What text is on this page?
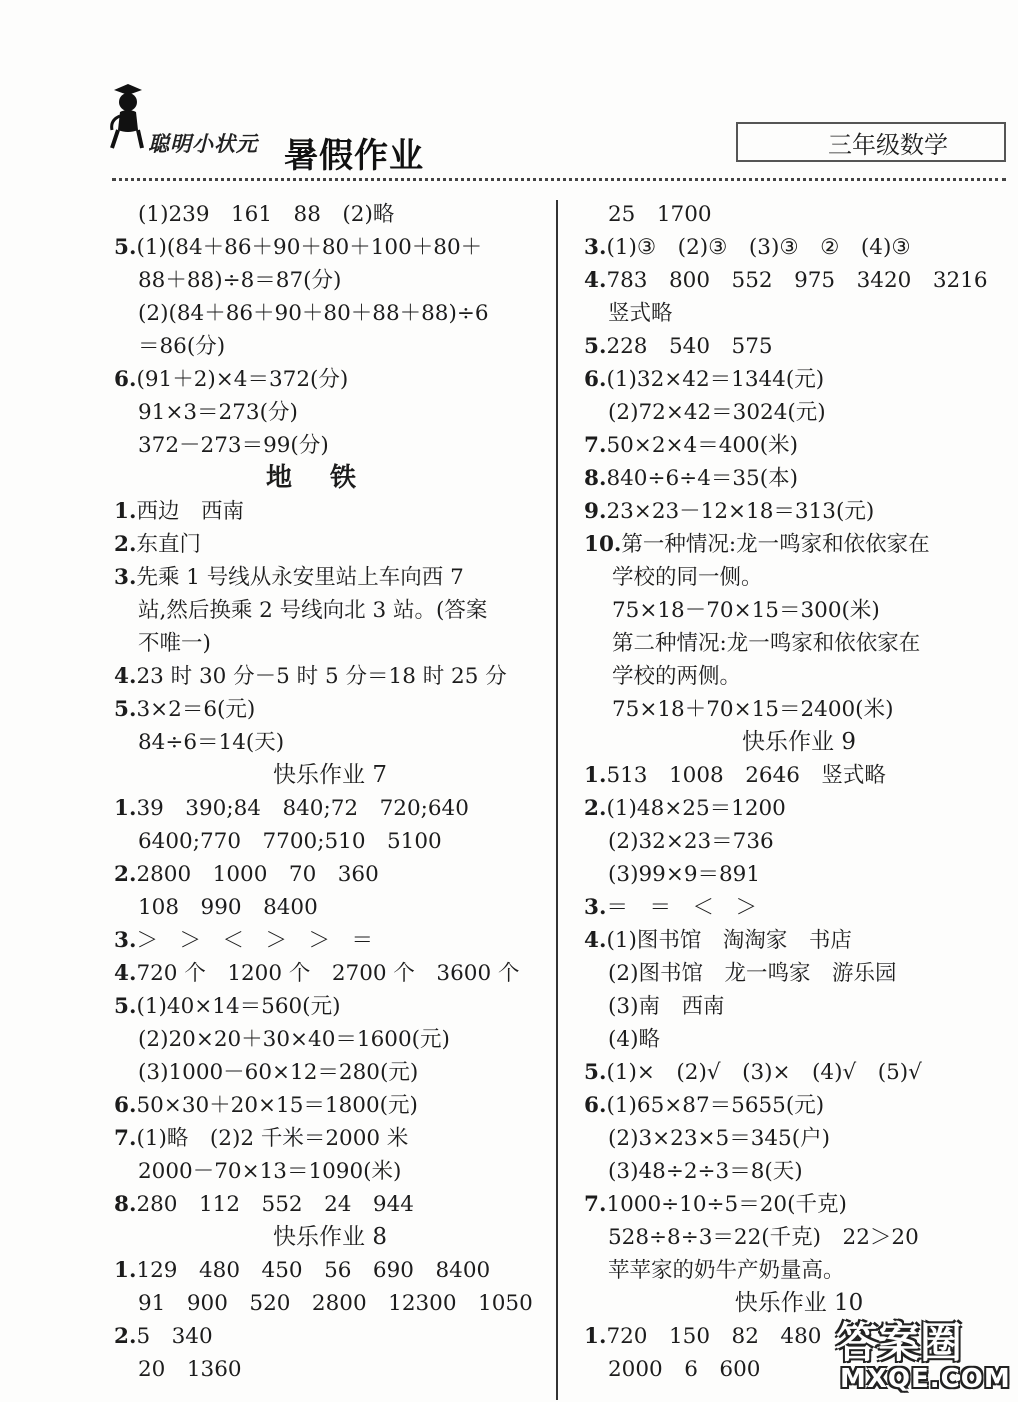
聪明小状元 暑假作业	三年级数学
(1)239　161　88　(2)略
5.(1)(84＋86＋90＋80＋100＋80＋
88＋88)÷8＝87(分)
(2)(84＋86＋90＋80＋88＋88)÷6
＝86(分)
6.(91＋2)×4＝372(分)
91×3＝273(分)
372－273＝99(分)
地铁
1.西边　西南
2.东直门
3.先乘 1 号线从永安里站上车向西 7
站,然后换乘 2 号线向北 3 站。(答案
不唯一)
4.23 时 30 分－5 时 5 分＝18 时 25 分
5.3×2＝6(元)
84÷6＝14(天)
快乐作业 7
1.39　390;84　840;72　720;640
6400;770　7700;510　5100
2.2800　1000　70　360
108　990　8400
3.＞　＞　＜　＞　＞　＝
4.720 个　1200 个　2700 个　3600 个
5.(1)40×14＝560(元)
(2)20×20＋30×40＝1600(元)
(3)1000－60×12＝280(元)
6.50×30＋20×15＝1800(元)
7.(1)略　(2)2 千米＝2000 米
2000－70×13＝1090(米)
8.280　112　552　24　944
快乐作业 8
1.129　480　450　56　690　8400
91　900　520　2800　12300　1050
2.5　340
20　1360
25　1700
3.(1)③　(2)③　(3)③　②　(4)③
4.783　800　552　975　3420　3216
竖式略
5.228　540　575
6.(1)32×42＝1344(元)
(2)72×42＝3024(元)
7.50×2×4＝400(米)
8.840÷6÷4＝35(本)
9.23×23－12×18＝313(元)
10.第一种情况:龙一鸣家和依依家在
学校的同一侧。
75×18－70×15＝300(米)
第二种情况:龙一鸣家和依依家在
学校的两侧。
75×18＋70×15＝2400(米)
快乐作业 9
1.513　1008　2646　竖式略
2.(1)48×25＝1200
(2)32×23＝736
(3)99×9＝891
3.＝　＝　＜　＞
4.(1)图书馆　淘淘家　书店
(2)图书馆　龙一鸣家　游乐园
(3)南　西南
(4)略
5.(1)×　(2)√　(3)×　(4)√　(5)√
6.(1)65×87＝5655(元)
(2)3×23×5＝345(户)
(3)48÷2÷3＝8(天)
7.1000÷10÷5＝20(千克)
528÷8÷3＝22(千克)　22＞20
苹苹家的奶牛产奶量高。
快乐作业 10
1.720　150　82　480
2000　6　600
答案圈
MXQE.COM
